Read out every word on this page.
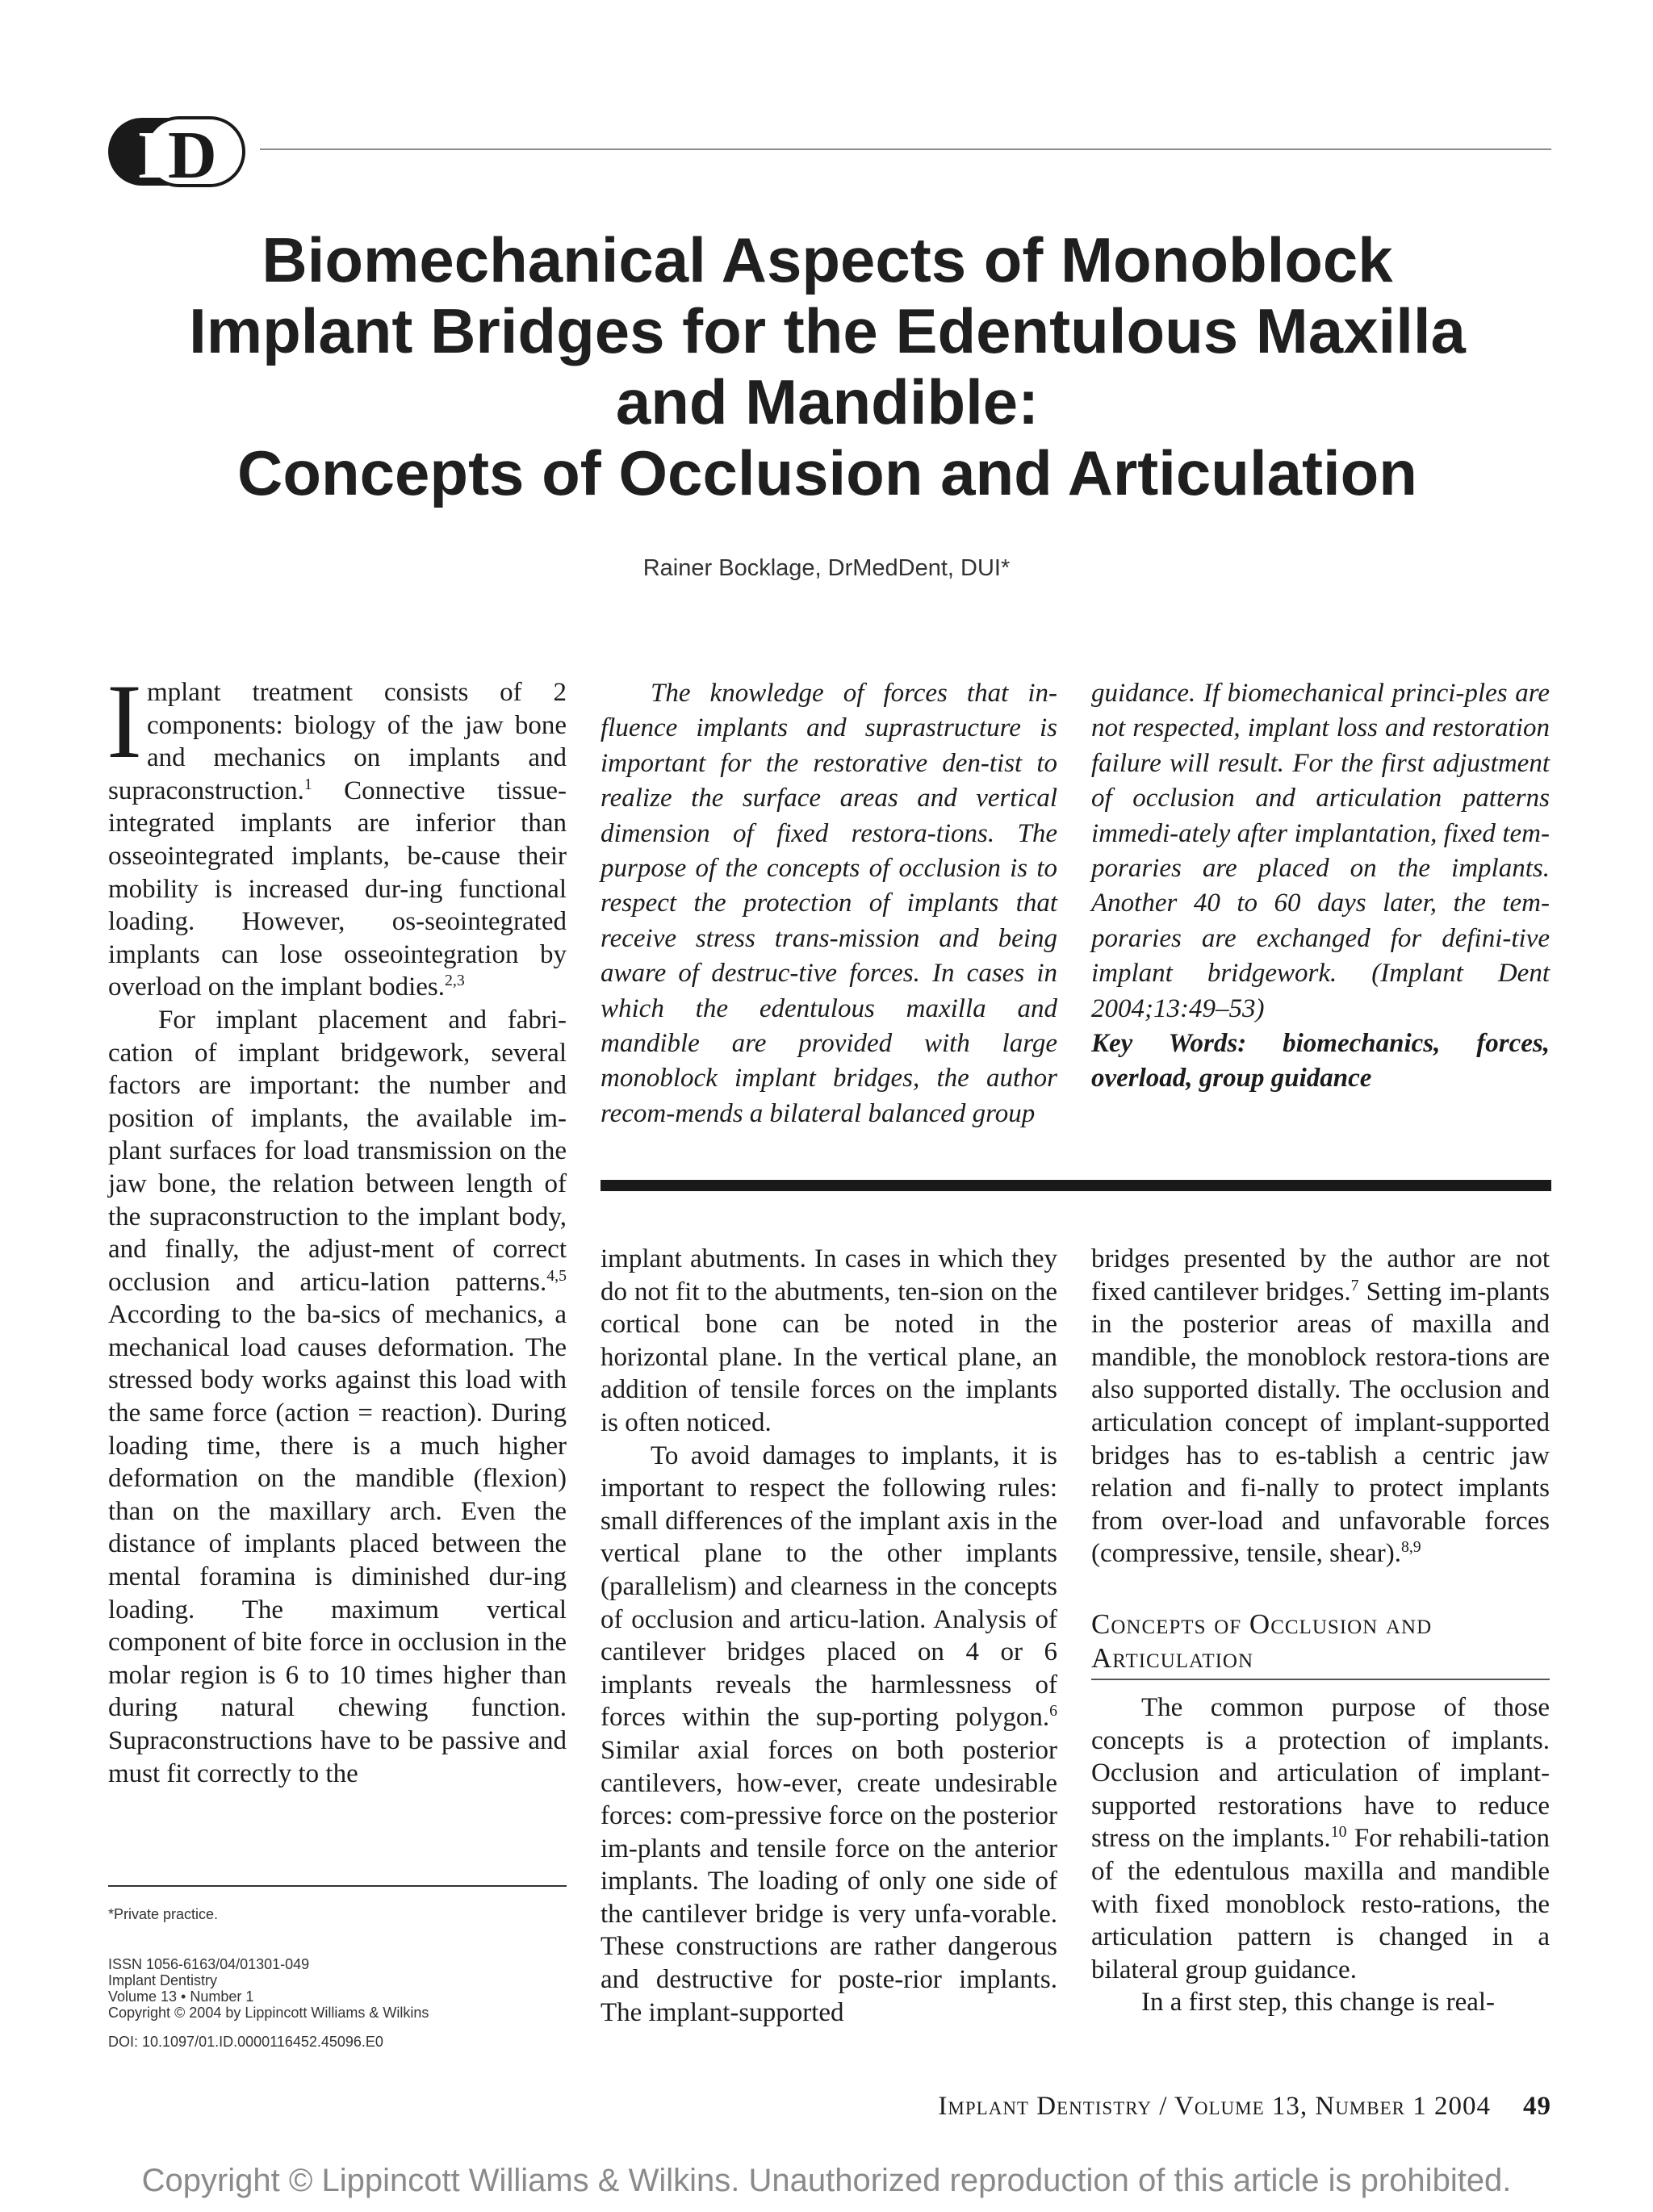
I D
Biomechanical Aspects of Monoblock
Implant Bridges for the Edentulous Maxilla
and Mandible:
Concepts of Occlusion and Articulation
Rainer Bocklage, DrMedDent, DUI*

Implant treatment consists of 2 components: biology of the jaw bone and mechanics on implants and supraconstruction.$^1$ Connective tissue-integrated implants are inferior than osseointegrated implants, be-cause their mobility is increased dur-ing functional loading. However, os-seointegrated implants can lose osseointegration by overload on the implant bodies.$^{2,3}$

For implant placement and fabri-cation of implant bridgework, several factors are important: the number and position of implants, the available im-plant surfaces for load transmission on the jaw bone, the relation between length of the supraconstruction to the implant body, and finally, the adjust-ment of correct occlusion and articu-lation patterns.$^{4,5}$ According to the ba-sics of mechanics, a mechanical load causes deformation. The stressed body works against this load with the same force (action = reaction). During loading time, there is a much higher deformation on the mandible (flexion) than on the maxillary arch. Even the distance of implants placed between the mental foramina is diminished dur-ing loading. The maximum vertical component of bite force in occlusion in the molar region is 6 to 10 times higher than during natural chewing function. Supraconstructions have to be passive and must fit correctly to the

The knowledge of forces that in-fluence implants and suprastructure is important for the restorative den-tist to realize the surface areas and vertical dimension of fixed restora-tions. The purpose of the concepts of occlusion is to respect the protection of implants that receive stress trans-mission and being aware of destruc-tive forces. In cases in which the edentulous maxilla and mandible are provided with large monoblock implant bridges, the author recom-mends a bilateral balanced group

guidance. If biomechanical princi-ples are not respected, implant loss and restoration failure will result. For the first adjustment of occlusion and articulation patterns immedi-ately after implantation, fixed tem-poraries are placed on the implants. Another 40 to 60 days later, the tem-poraries are exchanged for defini-tive implant bridgework. (Implant Dent 2004;13:49–53)

Key Words: biomechanics, forces, overload, group guidance

implant abutments. In cases in which they do not fit to the abutments, ten-sion on the cortical bone can be noted in the horizontal plane. In the vertical plane, an addition of tensile forces on the implants is often noticed.

To avoid damages to implants, it is important to respect the following rules: small differences of the implant axis in the vertical plane to the other implants (parallelism) and clearness in the concepts of occlusion and articu-lation. Analysis of cantilever bridges placed on 4 or 6 implants reveals the harmlessness of forces within the sup-porting polygon.$^6$ Similar axial forces on both posterior cantilevers, how-ever, create undesirable forces: com-pressive force on the posterior im-plants and tensile force on the anterior implants. The loading of only one side of the cantilever bridge is very unfa-vorable. These constructions are rather dangerous and destructive for poste-rior implants. The implant-supported

bridges presented by the author are not fixed cantilever bridges.$^7$ Setting im-plants in the posterior areas of maxilla and mandible, the monoblock restora-tions are also supported distally. The occlusion and articulation concept of implant-supported bridges has to es-tablish a centric jaw relation and fi-nally to protect implants from over-load and unfavorable forces (compressive, tensile, shear).$^{8,9}$

Concepts of Occlusion and Articulation

The common purpose of those concepts is a protection of implants. Occlusion and articulation of implant-supported restorations have to reduce stress on the implants.$^{10}$ For rehabili-tation of the edentulous maxilla and mandible with fixed monoblock resto-rations, the articulation pattern is changed in a bilateral group guidance.

In a first step, this change is real-

*Private practice.
ISSN 1056-6163/04/01301-049
Implant Dentistry
Volume 13 • Number 1
Copyright © 2004 by Lippincott Williams & Wilkins
DOI: 10.1097/01.ID.0000116452.45096.E0
Implant Dentistry / Volume 13, Number 1 2004 49
Copyright © Lippincott Williams & Wilkins. Unauthorized reproduction of this article is prohibited.
